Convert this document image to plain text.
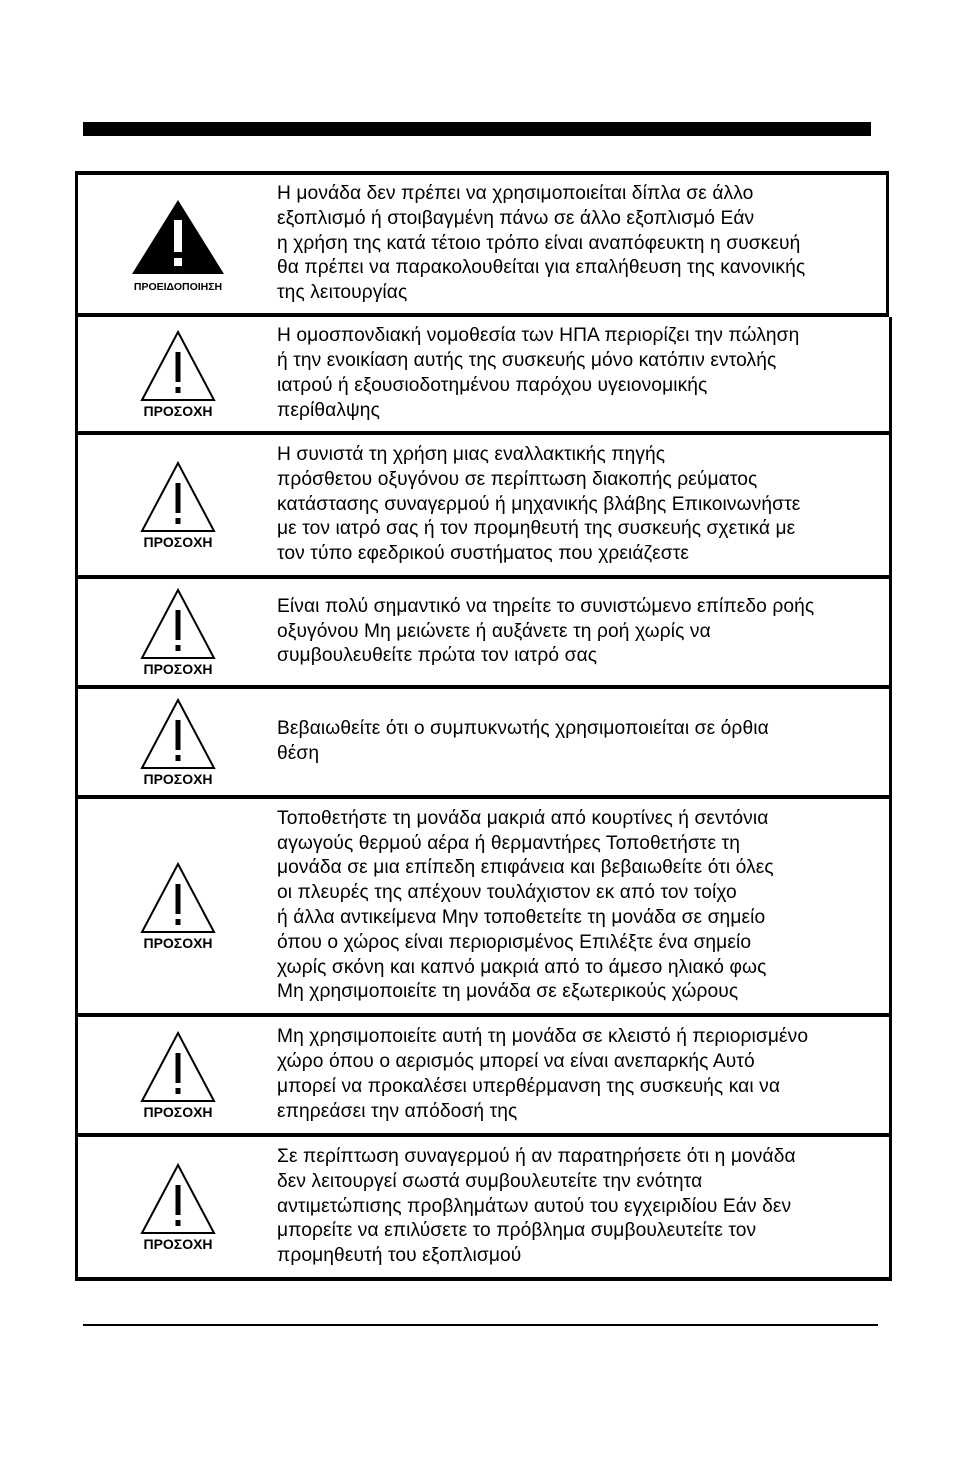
ΠΡΟΕΙΔΟΠΟΙΗΣΗ
Η μονάδα δεν πρέπει να χρησιμοποιείται δίπλα σε άλλο
εξοπλισμό ή στοιβαγμένη πάνω σε άλλο εξοπλισμό Εάν
η χρήση της κατά τέτοιο τρόπο είναι αναπόφευκτη η συσκευή
θα πρέπει να παρακολουθείται για επαλήθευση της κανονικής
της λειτουργίας
ΠΡΟΣΟΧΗ
Η ομοσπονδιακή νομοθεσία των ΗΠΑ περιορίζει την πώληση
ή την ενοικίαση αυτής της συσκευής μόνο κατόπιν εντολής
ιατρού ή εξουσιοδοτημένου παρόχου υγειονομικής
περίθαλψης
ΠΡΟΣΟΧΗ
Η συνιστά τη χρήση μιας εναλλακτικής πηγής
πρόσθετου οξυγόνου σε περίπτωση διακοπής ρεύματος
κατάστασης συναγερμού ή μηχανικής βλάβης Επικοινωνήστε
με τον ιατρό σας ή τον προμηθευτή της συσκευής σχετικά με
τον τύπο εφεδρικού συστήματος που χρειάζεστε
ΠΡΟΣΟΧΗ
Είναι πολύ σημαντικό να τηρείτε το συνιστώμενο επίπεδο ροής
οξυγόνου Μη μειώνετε ή αυξάνετε τη ροή χωρίς να
συμβουλευθείτε πρώτα τον ιατρό σας
ΠΡΟΣΟΧΗ
Βεβαιωθείτε ότι ο συμπυκνωτής χρησιμοποιείται σε όρθια
θέση
ΠΡΟΣΟΧΗ
Τοποθετήστε τη μονάδα μακριά από κουρτίνες ή σεντόνια
αγωγούς θερμού αέρα ή θερμαντήρες Τοποθετήστε τη
μονάδα σε μια επίπεδη επιφάνεια και βεβαιωθείτε ότι όλες
οι πλευρές της απέχουν τουλάχιστον εκ από τον τοίχο
ή άλλα αντικείμενα Μην τοποθετείτε τη μονάδα σε σημείο
όπου ο χώρος είναι περιορισμένος Επιλέξτε ένα σημείο
χωρίς σκόνη και καπνό μακριά από το άμεσο ηλιακό φως
Μη χρησιμοποιείτε τη μονάδα σε εξωτερικούς χώρους
ΠΡΟΣΟΧΗ
Μη χρησιμοποιείτε αυτή τη μονάδα σε κλειστό ή περιορισμένο
χώρο όπου ο αερισμός μπορεί να είναι ανεπαρκής Αυτό
μπορεί να προκαλέσει υπερθέρμανση της συσκευής και να
επηρεάσει την απόδοσή της
ΠΡΟΣΟΧΗ
Σε περίπτωση συναγερμού ή αν παρατηρήσετε ότι η μονάδα
δεν λειτουργεί σωστά συμβουλευτείτε την ενότητα
αντιμετώπισης προβλημάτων αυτού του εγχειριδίου Εάν δεν
μπορείτε να επιλύσετε το πρόβλημα συμβουλευτείτε τον
προμηθευτή του εξοπλισμού
